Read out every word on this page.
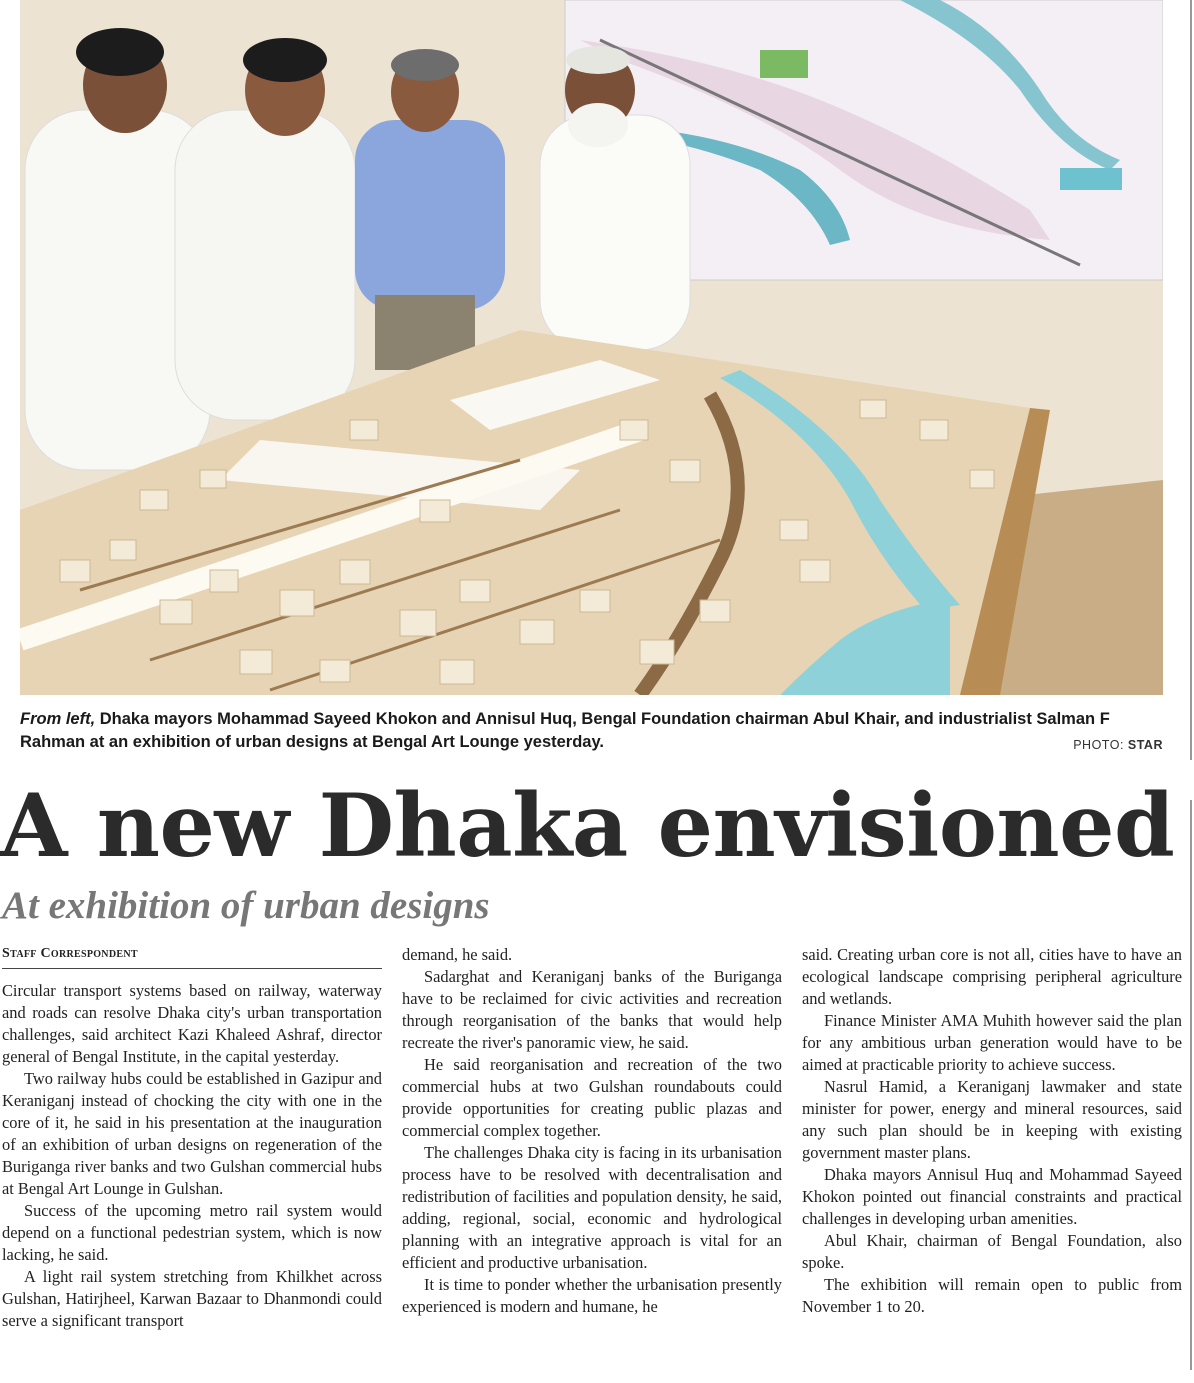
From left, Dhaka mayors Mohammad Sayeed Khokon and Annisul Huq, Bengal Foundation chairman Abul Khair, and industrialist Salman F Rahman at an exhibition of urban designs at Bengal Art Lounge yesterday.	PHOTO: STAR
A new Dhaka envisioned
At exhibition of urban designs
Staff Correspondent

Circular transport systems based on railway, waterway and roads can resolve Dhaka city's urban transportation challenges, said architect Kazi Khaleed Ashraf, director general of Bengal Institute, in the capital yesterday.

Two railway hubs could be established in Gazipur and Keraniganj instead of chocking the city with one in the core of it, he said in his presentation at the inauguration of an exhibition of urban designs on regeneration of the Buriganga river banks and two Gulshan commercial hubs at Bengal Art Lounge in Gulshan.

Success of the upcoming metro rail system would depend on a functional pedestrian system, which is now lacking, he said.

A light rail system stretching from Khilkhet across Gulshan, Hatirjheel, Karwan Bazaar to Dhanmondi could serve a significant transport

demand, he said.

Sadarghat and Keraniganj banks of the Buriganga have to be reclaimed for civic activities and recreation through reorganisation of the banks that would help recreate the river's panoramic view, he said.

He said reorganisation and recreation of the two commercial hubs at two Gulshan roundabouts could provide opportunities for creating public plazas and commercial complex together.

The challenges Dhaka city is facing in its urbanisation process have to be resolved with decentralisation and redistribution of facilities and population density, he said, adding, regional, social, economic and hydrological planning with an integrative approach is vital for an efficient and productive urbanisation.

It is time to ponder whether the urbanisation presently experienced is modern and humane, he

said. Creating urban core is not all, cities have to have an ecological landscape comprising peripheral agriculture and wetlands.

Finance Minister AMA Muhith however said the plan for any ambitious urban generation would have to be aimed at practicable priority to achieve success.

Nasrul Hamid, a Keraniganj lawmaker and state minister for power, energy and mineral resources, said any such plan should be in keeping with existing government master plans.

Dhaka mayors Annisul Huq and Mohammad Sayeed Khokon pointed out financial constraints and practical challenges in developing urban amenities.

Abul Khair, chairman of Bengal Foundation, also spoke.

The exhibition will remain open to public from November 1 to 20.
